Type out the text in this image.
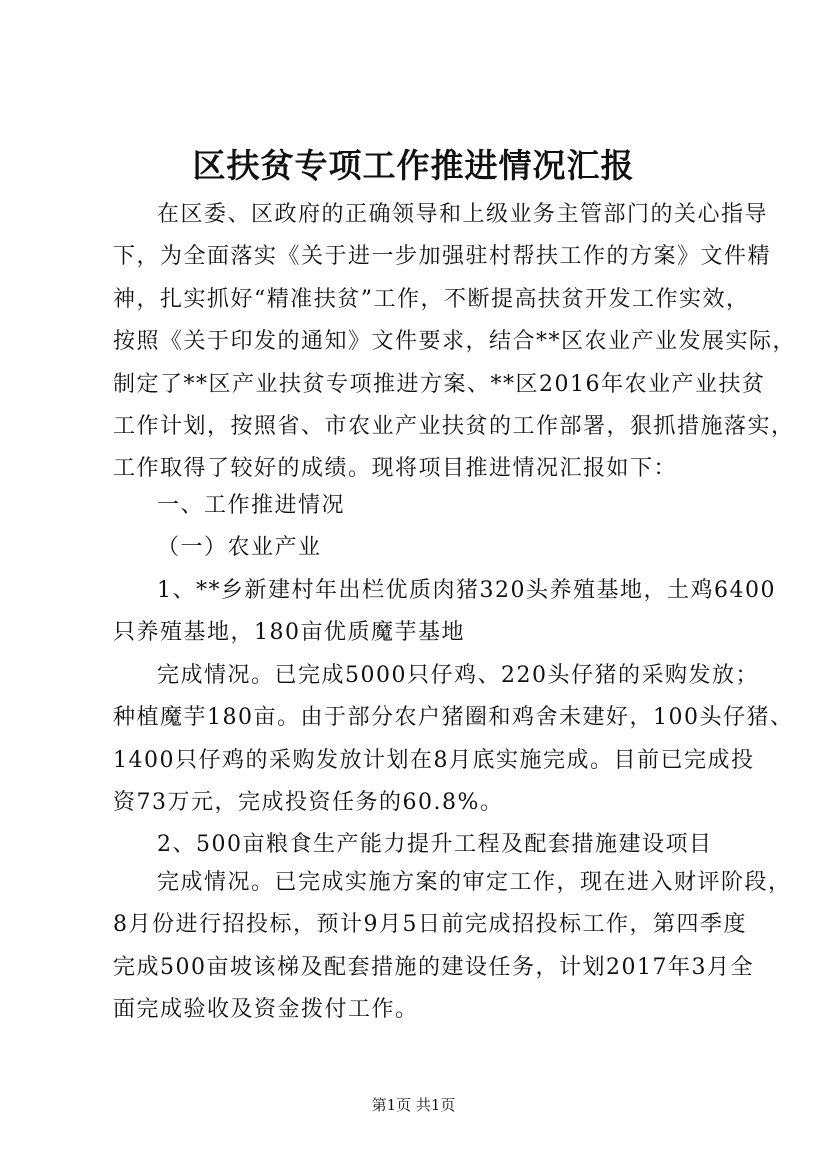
区扶贫专项工作推进情况汇报
在区委、区政府的正确领导和上级业务主管部门的关心指导
下，为全面落实《关于进一步加强驻村帮扶工作的方案》文件精
神，扎实抓好“精准扶贫”工作，不断提高扶贫开发工作实效，
按照《关于印发的通知》文件要求，结合**区农业产业发展实际，
制定了**区产业扶贫专项推进方案、**区2016年农业产业扶贫
工作计划，按照省、市农业产业扶贫的工作部署，狠抓措施落实，
工作取得了较好的成绩。现将项目推进情况汇报如下：
一、工作推进情况
（一）农业产业
1、**乡新建村年出栏优质肉猪320头养殖基地，土鸡6400
只养殖基地，180亩优质魔芋基地
完成情况。已完成5000只仔鸡、220头仔猪的采购发放；
种植魔芋180亩。由于部分农户猪圈和鸡舍未建好，100头仔猪、
1400只仔鸡的采购发放计划在8月底实施完成。目前已完成投
资73万元，完成投资任务的60.8%。
2、500亩粮食生产能力提升工程及配套措施建设项目
完成情况。已完成实施方案的审定工作，现在进入财评阶段，
8月份进行招投标，预计9月5日前完成招投标工作，第四季度
完成500亩坡该梯及配套措施的建设任务，计划2017年3月全
面完成验收及资金拨付工作。
第1页 共1页
